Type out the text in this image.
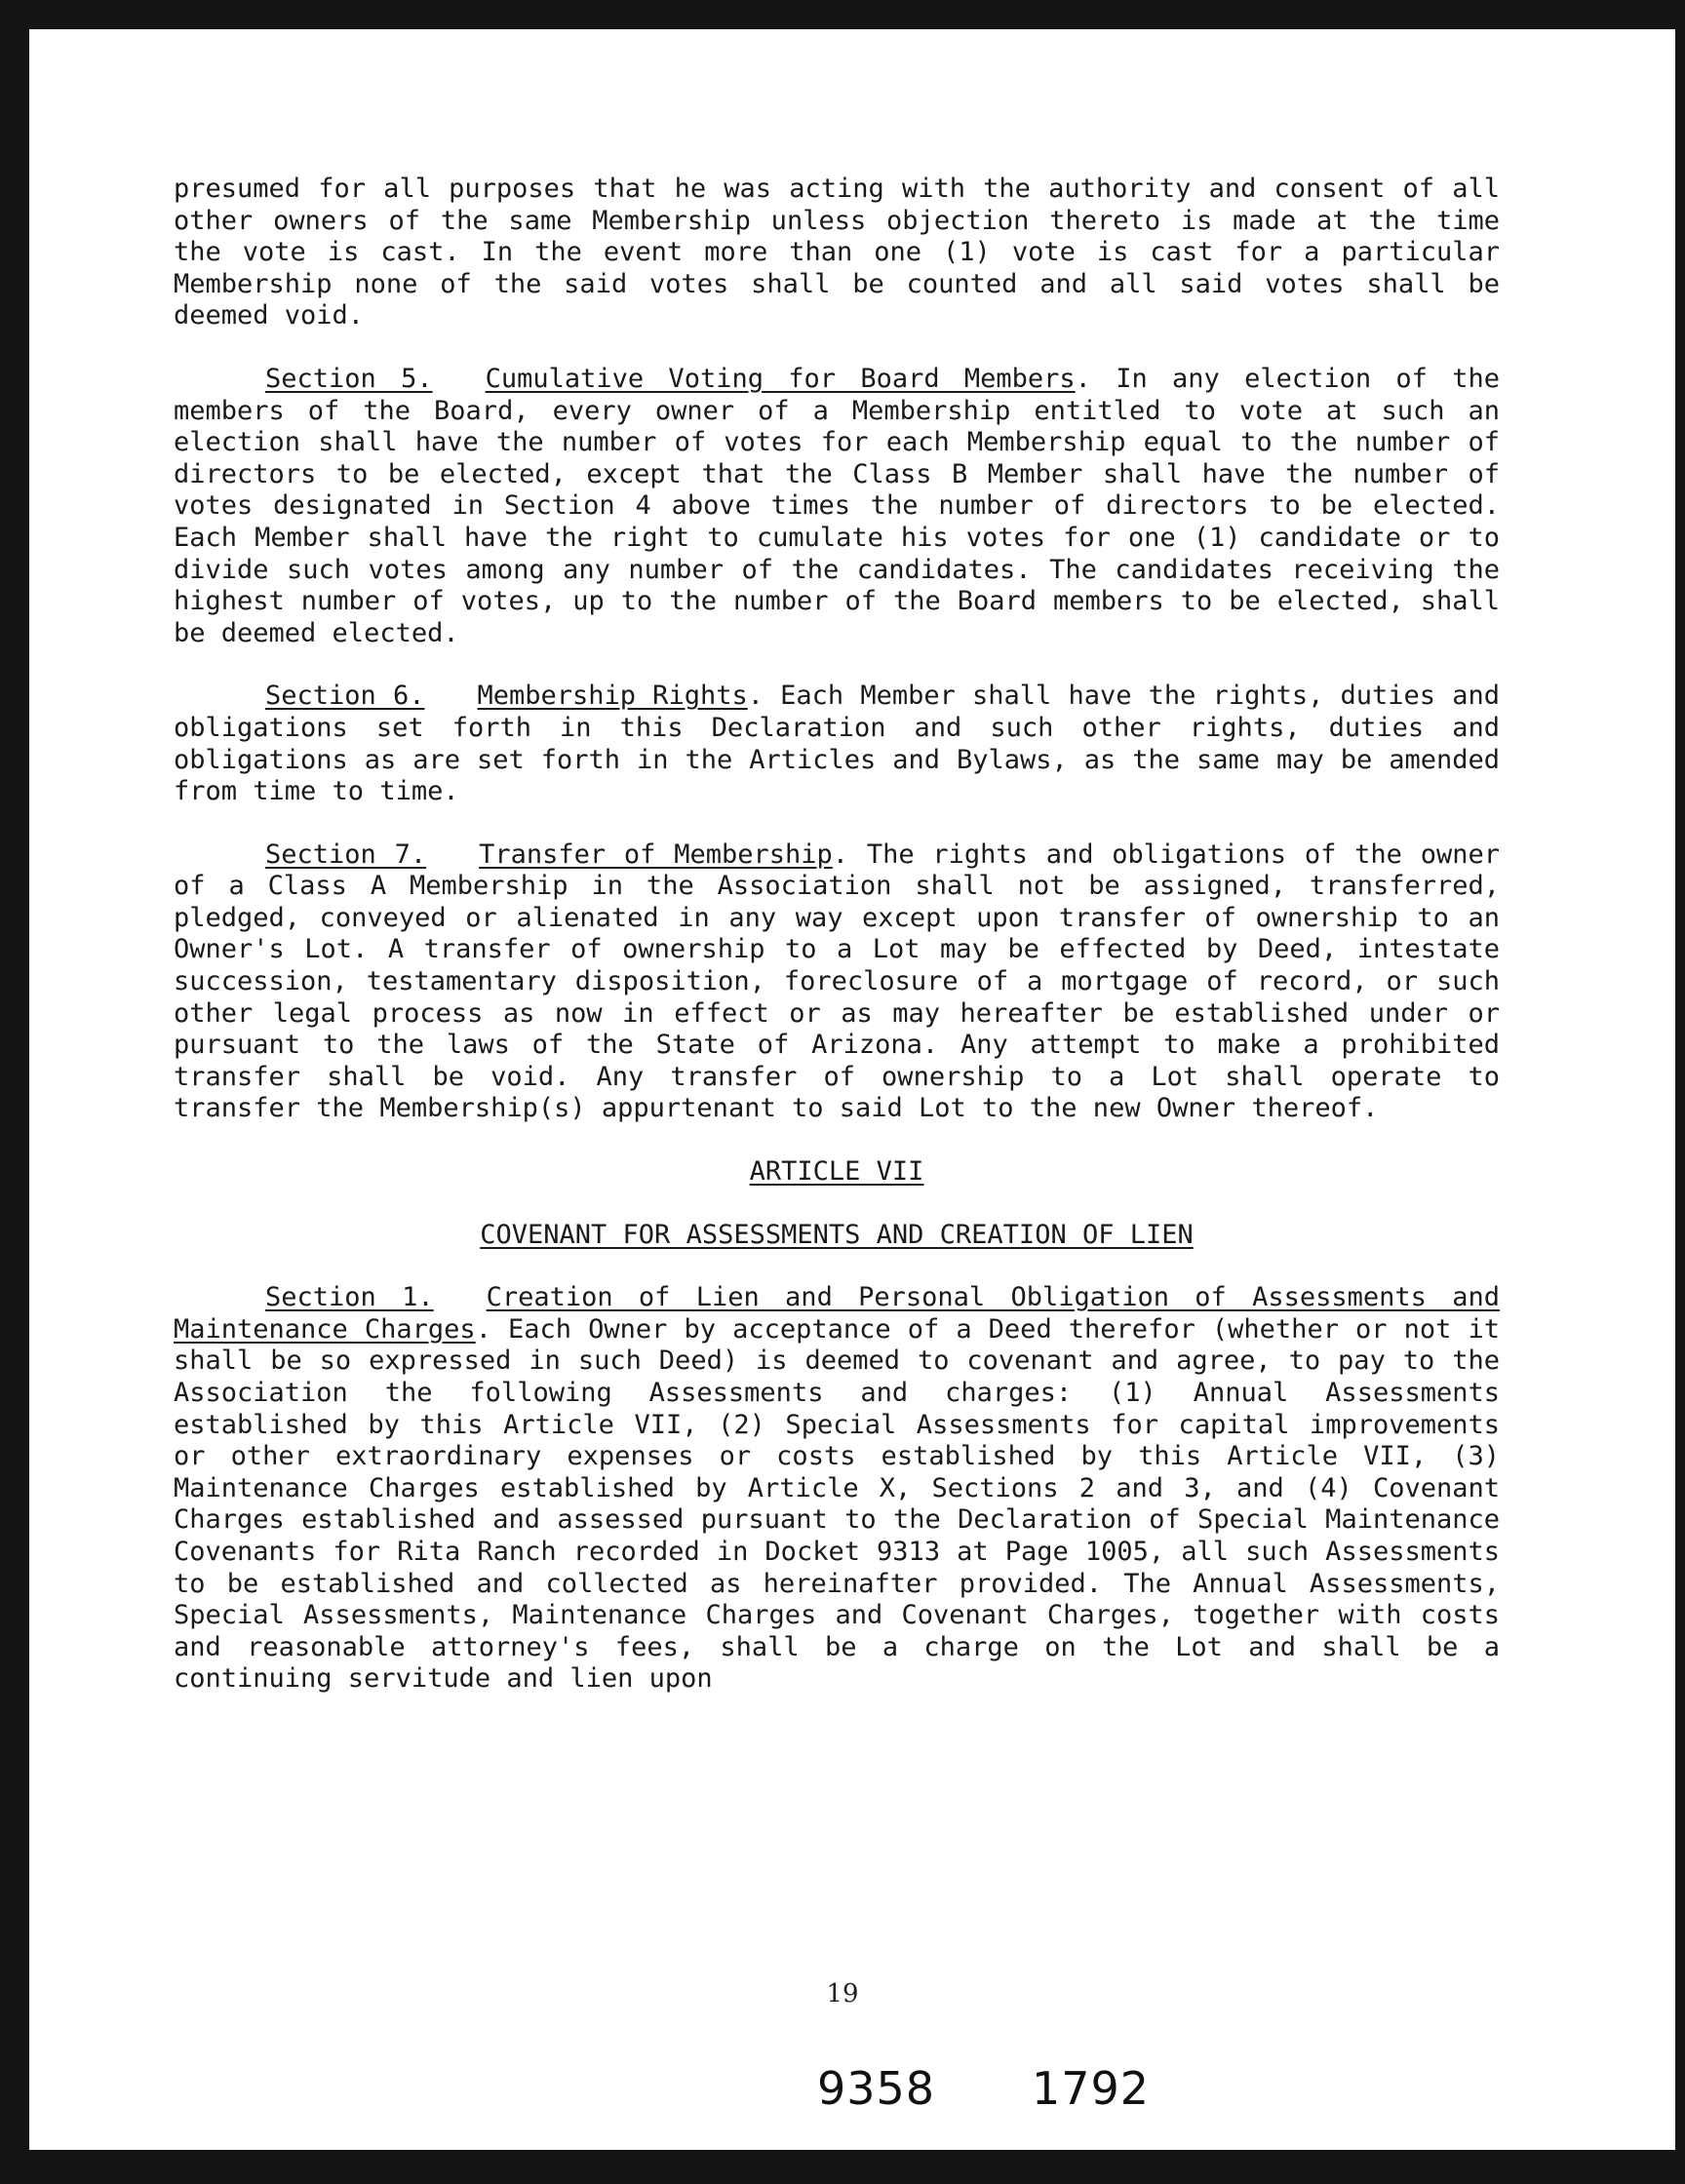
presumed for all purposes that he was acting with the authority and consent of all other owners of the same Membership unless objection thereto is made at the time the vote is cast. In the event more than one (1) vote is cast for a particular Membership none of the said votes shall be counted and all said votes shall be deemed void.

Section 5. Cumulative Voting for Board Members. In any election of the members of the Board, every owner of a Membership entitled to vote at such an election shall have the number of votes for each Membership equal to the number of directors to be elected, except that the Class B Member shall have the number of votes designated in Section 4 above times the number of directors to be elected. Each Member shall have the right to cumulate his votes for one (1) candidate or to divide such votes among any number of the candidates. The candidates receiving the highest number of votes, up to the number of the Board members to be elected, shall be deemed elected.

Section 6. Membership Rights. Each Member shall have the rights, duties and obligations set forth in this Declaration and such other rights, duties and obligations as are set forth in the Articles and Bylaws, as the same may be amended from time to time.

Section 7. Transfer of Membership. The rights and obligations of the owner of a Class A Membership in the Association shall not be assigned, transferred, pledged, conveyed or alienated in any way except upon transfer of ownership to an Owner's Lot. A transfer of ownership to a Lot may be effected by Deed, intestate succession, testamentary disposition, foreclosure of a mortgage of record, or such other legal process as now in effect or as may hereafter be established under or pursuant to the laws of the State of Arizona. Any attempt to make a prohibited transfer shall be void. Any transfer of ownership to a Lot shall operate to transfer the Membership(s) appurtenant to said Lot to the new Owner thereof.

ARTICLE VII
COVENANT FOR ASSESSMENTS AND CREATION OF LIEN

Section 1. Creation of Lien and Personal Obligation of Assessments and Maintenance Charges. Each Owner by acceptance of a Deed therefor (whether or not it shall be so expressed in such Deed) is deemed to covenant and agree, to pay to the Association the following Assessments and charges: (1) Annual Assessments established by this Article VII, (2) Special Assessments for capital improvements or other extraordinary expenses or costs established by this Article VII, (3) Maintenance Charges established by Article X, Sections 2 and 3, and (4) Covenant Charges established and assessed pursuant to the Declaration of Special Maintenance Covenants for Rita Ranch recorded in Docket 9313 at Page 1005, all such Assessments to be established and collected as hereinafter provided. The Annual Assessments, Special Assessments, Maintenance Charges and Covenant Charges, together with costs and reasonable attorney's fees, shall be a charge on the Lot and shall be a continuing servitude and lien upon

19
9358 1792
